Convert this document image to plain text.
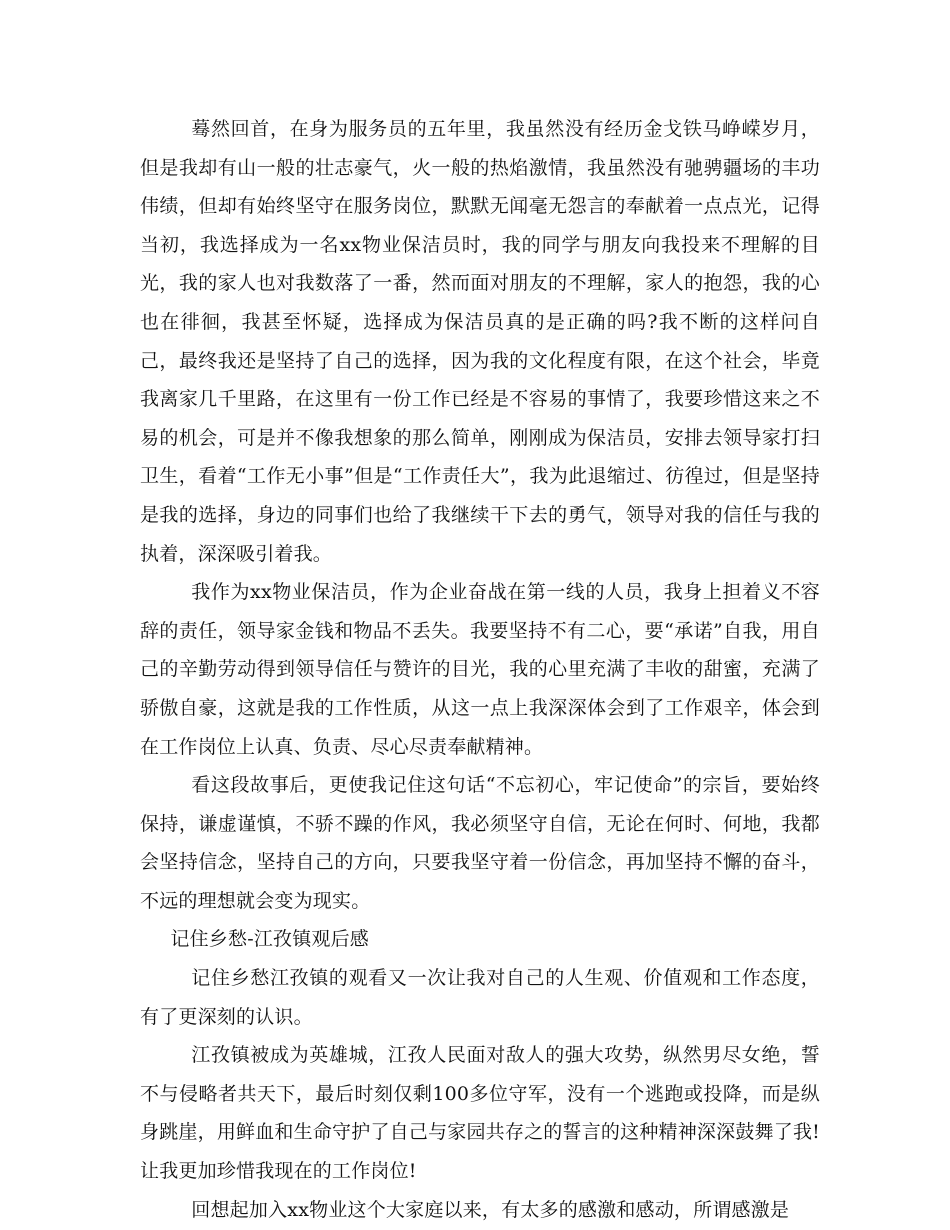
蓦然回首，在身为服务员的五年里，我虽然没有经历金戈铁马峥嵘岁月，但是我却有山一般的壮志豪气，火一般的热焰激情，我虽然没有驰骋疆场的丰功伟绩，但却有始终坚守在服务岗位，默默无闻毫无怨言的奉献着一点点光，记得当初，我选择成为一名xx物业保洁员时，我的同学与朋友向我投来不理解的目光，我的家人也对我数落了一番，然而面对朋友的不理解，家人的抱怨，我的心也在徘徊，我甚至怀疑，选择成为保洁员真的是正确的吗?我不断的这样问自己，最终我还是坚持了自己的选择，因为我的文化程度有限，在这个社会，毕竟我离家几千里路，在这里有一份工作已经是不容易的事情了，我要珍惜这来之不易的机会，可是并不像我想象的那么简单，刚刚成为保洁员，安排去领导家打扫卫生，看着“工作无小事”但是“工作责任大”，我为此退缩过、彷徨过，但是坚持是我的选择，身边的同事们也给了我继续干下去的勇气，领导对我的信任与我的执着，深深吸引着我。

我作为xx物业保洁员，作为企业奋战在第一线的人员，我身上担着义不容辞的责任，领导家金钱和物品不丢失。我要坚持不有二心，要“承诺”自我，用自己的辛勤劳动得到领导信任与赞许的目光，我的心里充满了丰收的甜蜜，充满了骄傲自豪，这就是我的工作性质，从这一点上我深深体会到了工作艰辛，体会到在工作岗位上认真、负责、尽心尽责奉献精神。

看这段故事后，更使我记住这句话“不忘初心，牢记使命”的宗旨，要始终保持，谦虚谨慎，不骄不躁的作风，我必须坚守自信，无论在何时、何地，我都会坚持信念，坚持自己的方向，只要我坚守着一份信念，再加坚持不懈的奋斗，不远的理想就会变为现实。

记住乡愁-江孜镇观后感

记住乡愁江孜镇的观看又一次让我对自己的人生观、价值观和工作态度，有了更深刻的认识。

江孜镇被成为英雄城，江孜人民面对敌人的强大攻势，纵然男尽女绝，誓不与侵略者共天下，最后时刻仅剩100多位守军，没有一个逃跑或投降，而是纵身跳崖，用鲜血和生命守护了自己与家园共存之的誓言的这种精神深深鼓舞了我!让我更加珍惜我现在的工作岗位!

回想起加入xx物业这个大家庭以来，有太多的感激和感动，所谓感激是
